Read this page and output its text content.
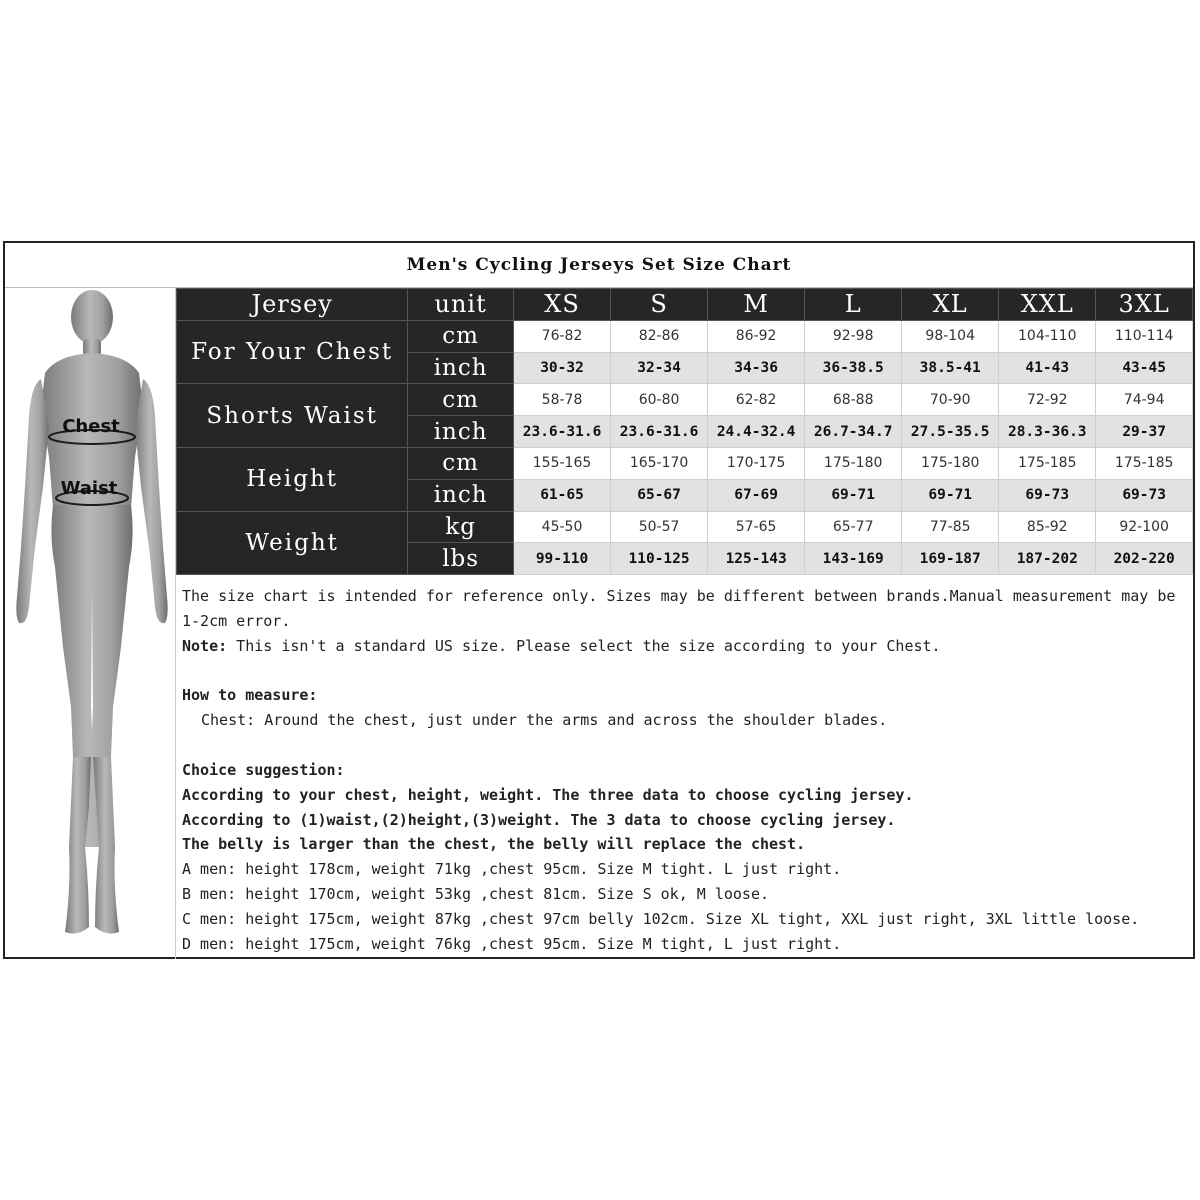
Men's Cycling Jerseys Set Size Chart
Chest
Waist
Jersey	unit	XS	S	M	L	XL	XXL	3XL
For Your Chest	cm	76-82	82-86	86-92	92-98	98-104	104-110	110-114
	inch	30-32	32-34	34-36	36-38.5	38.5-41	41-43	43-45
Shorts Waist	cm	58-78	60-80	62-82	68-88	70-90	72-92	74-94
	inch	23.6-31.6	23.6-31.6	24.4-32.4	26.7-34.7	27.5-35.5	28.3-36.3	29-37
Height	cm	155-165	165-170	170-175	175-180	175-180	175-185	175-185
	inch	61-65	65-67	67-69	69-71	69-71	69-73	69-73
Weight	kg	45-50	50-57	57-65	65-77	77-85	85-92	92-100
	lbs	99-110	110-125	125-143	143-169	169-187	187-202	202-220
The size chart is intended for reference only. Sizes may be different between brands.Manual measurement may be 1-2cm error.
Note: This isn't a standard US size. Please select the size according to your Chest.
How to measure:
Chest: Around the chest, just under the arms and across the shoulder blades.
Choice suggestion:
According to your chest, height, weight. The three data to choose cycling jersey.
According to (1)waist,(2)height,(3)weight. The 3 data to choose cycling jersey.
The belly is larger than the chest, the belly will replace the chest.
A men: height 178cm, weight 71kg ,chest 95cm. Size M tight. L just right.
B men: height 170cm, weight 53kg ,chest 81cm. Size S ok, M loose.
C men: height 175cm, weight 87kg ,chest 97cm belly 102cm. Size XL tight, XXL just right, 3XL little loose.
D men: height 175cm, weight 76kg ,chest 95cm. Size M tight, L just right.
